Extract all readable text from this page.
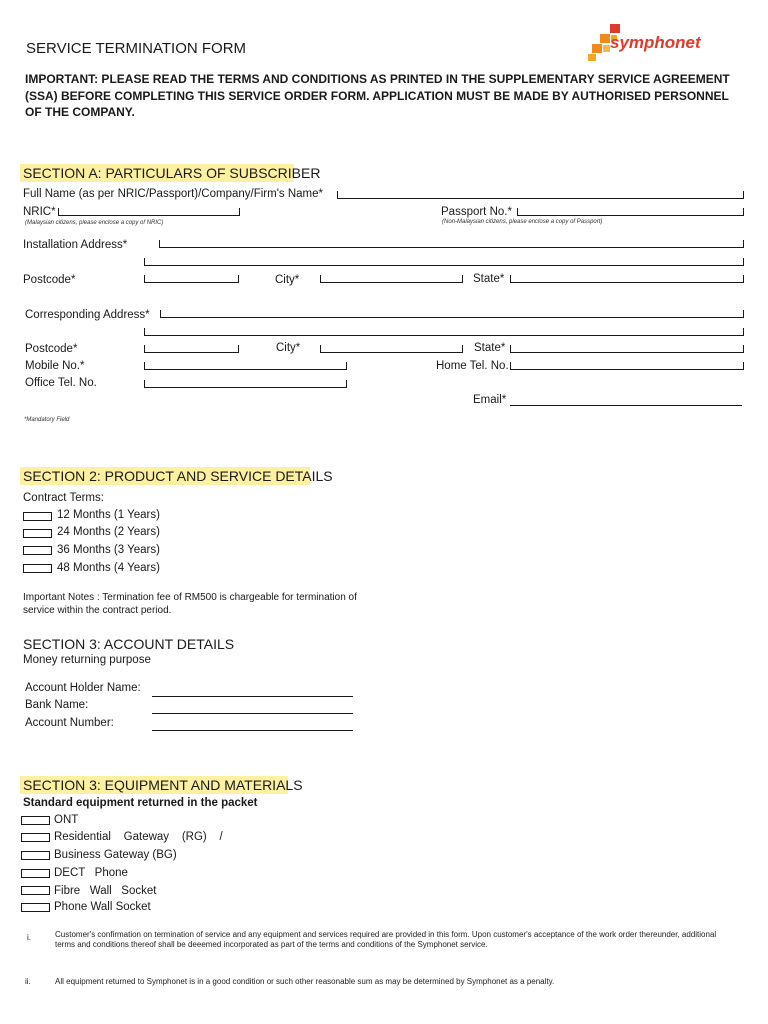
SERVICE TERMINATION FORM	symphonet
IMPORTANT: PLEASE READ THE TERMS AND CONDITIONS AS PRINTED IN THE SUPPLEMENTARY SERVICE AGREEMENT (SSA) BEFORE COMPLETING THIS SERVICE ORDER FORM. APPLICATION MUST BE MADE BY AUTHORISED PERSONNEL OF THE COMPANY.
SECTION A: PARTICULARS OF SUBSCRIBER
Full Name (as per NRIC/Passport)/Company/Firm's Name*
NRIC*
(Malaysian citizens, please enclose a copy of NRIC)
Passport No.*
(Non-Malaysian citizens, please enclose a copy of Passport)
Installation Address*
Postcode*	City*	State*
Corresponding Address*
Postcode*	City*	State*
Mobile No.*	Home Tel. No.
Office Tel. No.
Email*
*Mandatory Field
SECTION 2: PRODUCT AND SERVICE DETAILS
Contract Terms:
12 Months (1 Years)
24 Months (2 Years)
36 Months (3 Years)
48 Months (4 Years)
Important Notes : Termination fee of RM500 is chargeable for termination of
service within the contract period.
SECTION 3: ACCOUNT DETAILS
Money returning purpose
Account Holder Name:
Bank Name:
Account Number:
SECTION 3: EQUIPMENT AND MATERIALS
Standard equipment returned in the packet
ONT
Residential    Gateway    (RG)    /
Business Gateway (BG)
DECT   Phone
Fibre   Wall   Socket
Phone Wall Socket
i.	Customer's confirmation on termination of service and any equipment and services required are provided in this form. Upon customer's acceptance of the work order thereunder, additional terms and conditions thereof shall be deeemed incorporated as part of the terms and conditions of the Symphonet service.
ii.	All equipment returned to Symphonet is in a good condition or such other reasonable sum as may be determined by Symphonet as a penalty.
